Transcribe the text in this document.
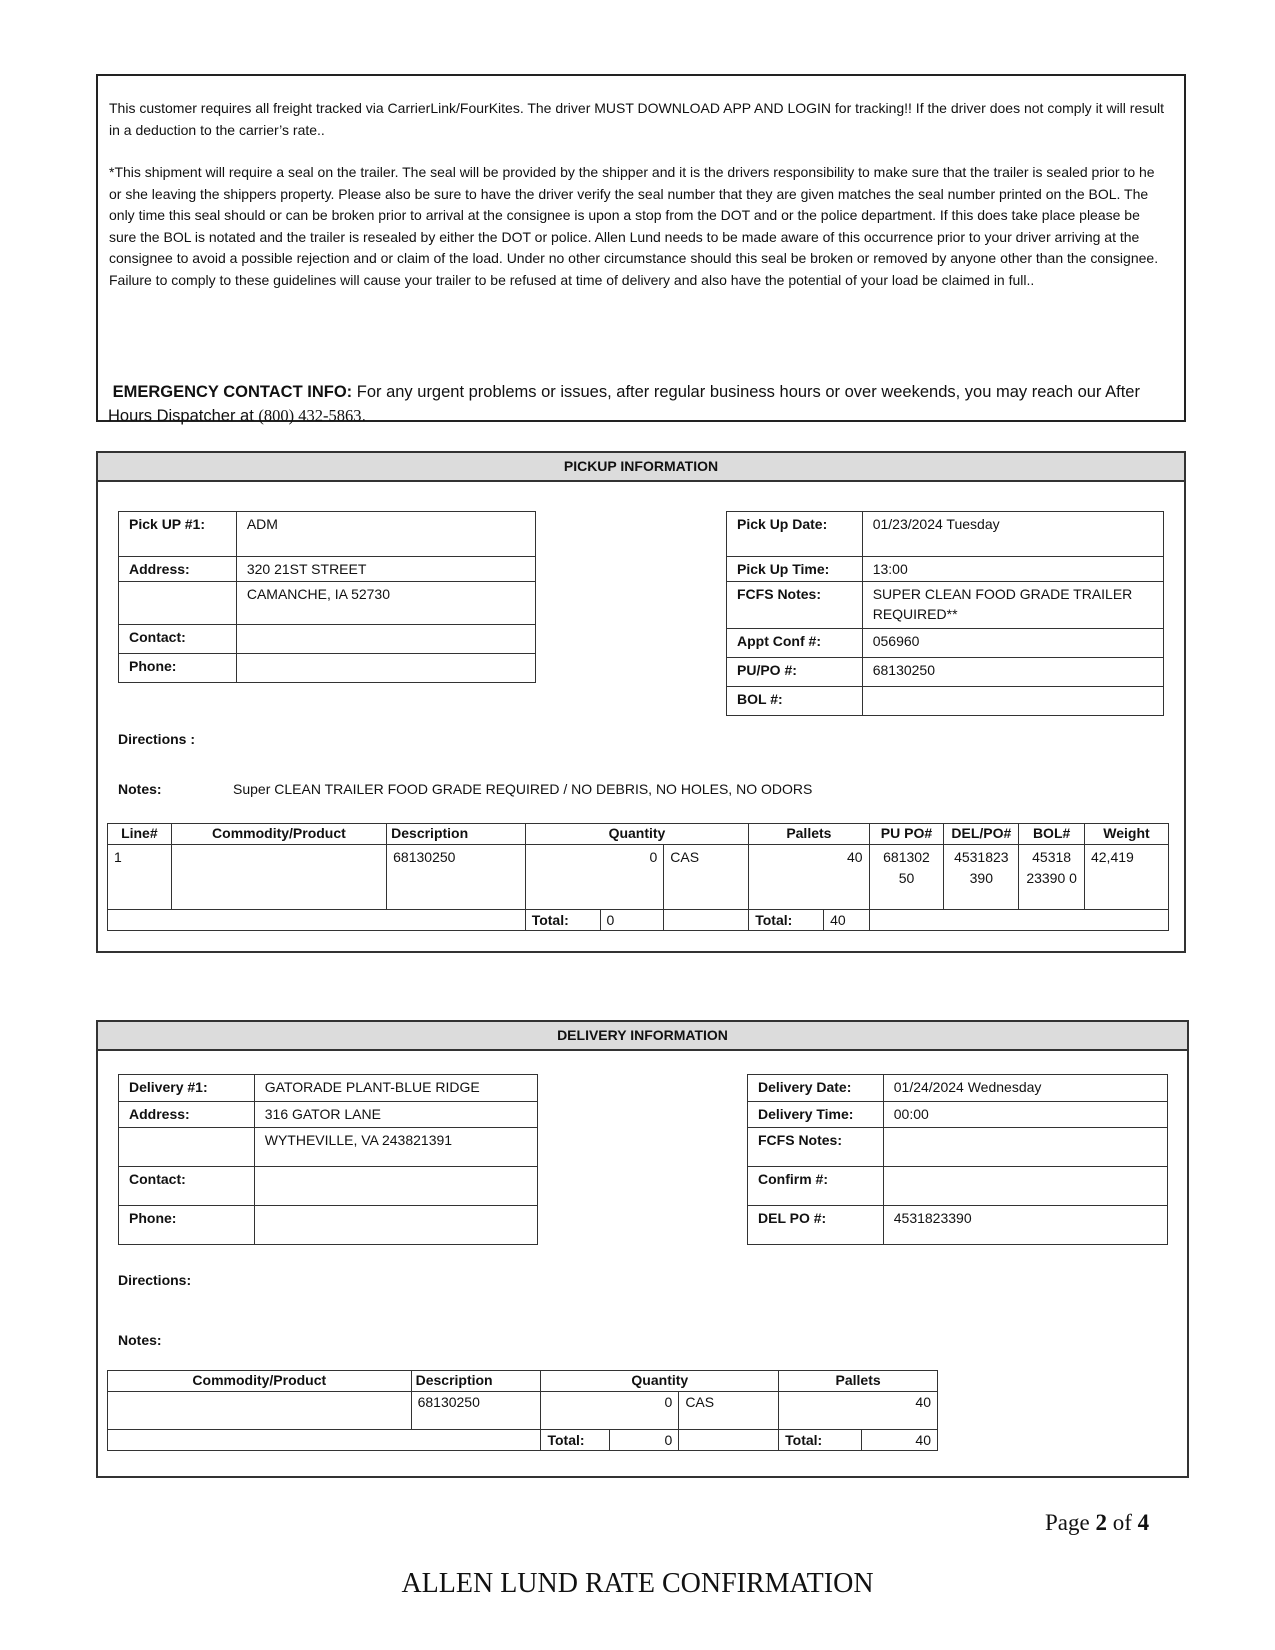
This customer requires all freight tracked via CarrierLink/FourKites. The driver MUST DOWNLOAD APP AND LOGIN for tracking!! If the driver does not comply it will result in a deduction to the carrier’s rate..

*This shipment will require a seal on the trailer. The seal will be provided by the shipper and it is the drivers responsibility to make sure that the trailer is sealed prior to he or she leaving the shippers property. Please also be sure to have the driver verify the seal number that they are given matches the seal number printed on the BOL. The only time this seal should or can be broken prior to arrival at the consignee is upon a stop from the DOT and or the police department. If this does take place please be sure the BOL is notated and the trailer is resealed by either the DOT or police. Allen Lund needs to be made aware of this occurrence prior to your driver arriving at the consignee to avoid a possible rejection and or claim of the load. Under no other circumstance should this seal be broken or removed by anyone other than the consignee. Failure to comply to these guidelines will cause your trailer to be refused at time of delivery and also have the potential of your load be claimed in full..

EMERGENCY CONTACT INFO: For any urgent problems or issues, after regular business hours or over weekends, you may reach our After Hours Dispatcher at (800) 432-5863.

PICKUP INFORMATION
Pick UP #1:	ADM
Address:	320 21ST STREET
	CAMANCHE, IA 52730
Contact:	
Phone:	
Pick Up Date:	01/23/2024 Tuesday
Pick Up Time:	13:00
FCFS Notes:	SUPER CLEAN FOOD GRADE TRAILER REQUIRED**
Appt Conf #:	056960
PU/PO #:	68130250
BOL #:	
Directions :
Notes:	Super CLEAN TRAILER FOOD GRADE REQUIRED / NO DEBRIS, NO HOLES, NO ODORS
Line#	Commodity/Product	Description	Quantity			Pallets		PU PO#	DEL/PO#	BOL#	Weight
1		68130250	0		CAS	40		681302 50	4531823 390	45318 23390 0	42,419
			Total:	0		Total:	40				
DELIVERY INFORMATION
Delivery #1:	GATORADE PLANT-BLUE RIDGE
Address:	316 GATOR LANE
	WYTHEVILLE, VA 243821391
Contact:	
Phone:	
Delivery Date:	01/24/2024 Wednesday
Delivery Time:	00:00
FCFS Notes:	
Confirm #:	
DEL PO #:	4531823390
Directions:
Notes:
Commodity/Product	Description	Quantity			Pallets	
	68130250	0		CAS	40	
		Total:	0		Total:	40
Page 2 of 4
ALLEN LUND RATE CONFIRMATION
